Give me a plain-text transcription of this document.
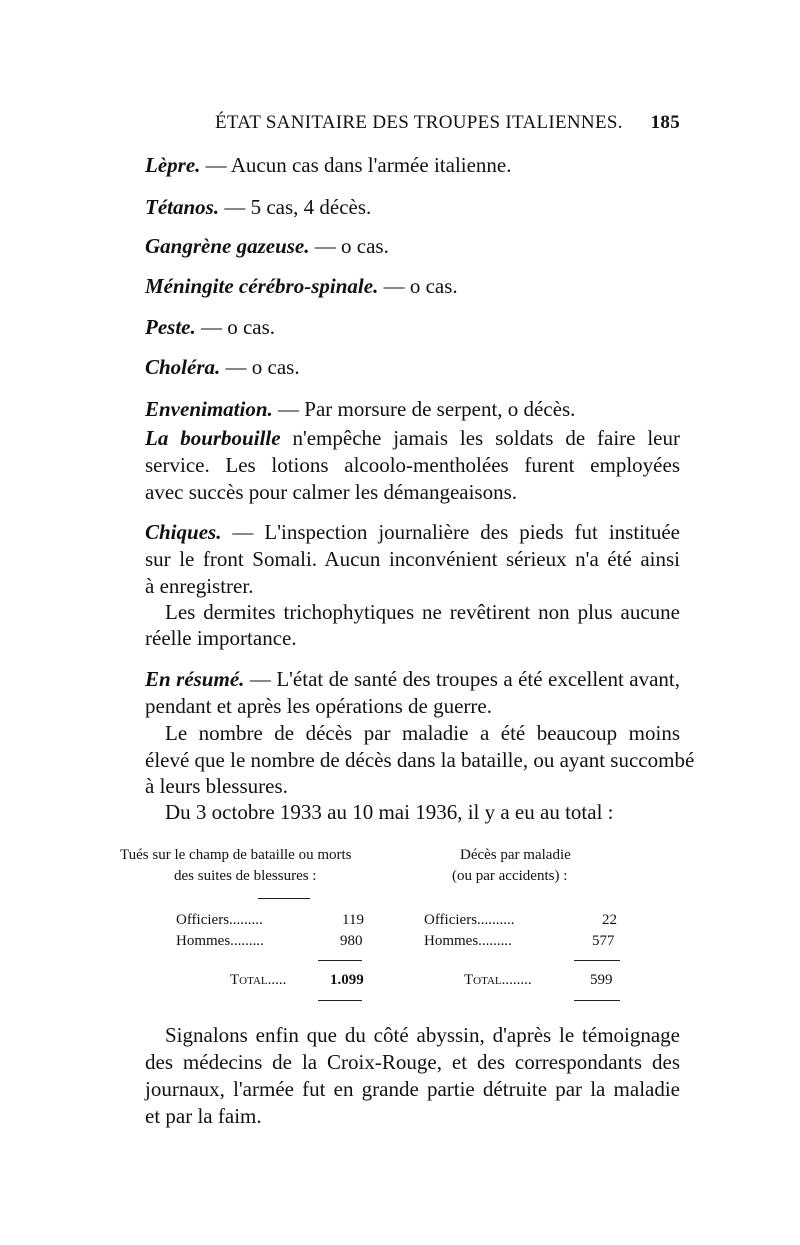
ÉTAT SANITAIRE DES TROUPES ITALIENNES. 185
Lèpre. — Aucun cas dans l'armée italienne.
Tétanos. — 5 cas, 4 décès.
Gangrène gazeuse. — o cas.
Méningite cérébro-spinale. — o cas.
Peste. — o cas.
Choléra. — o cas.
Envenimation. — Par morsure de serpent, o décès.
La bourbouille n'empêche jamais les soldats de faire leur
service. Les lotions alcoolo-mentholées furent employées
avec succès pour calmer les démangeaisons.
Chiques. — L'inspection journalière des pieds fut instituée
sur le front Somali. Aucun inconvénient sérieux n'a été ainsi
à enregistrer.
Les dermites trichophytiques ne revêtirent non plus aucune
réelle importance.
En résumé. — L'état de santé des troupes a été excellent avant,
pendant et après les opérations de guerre.
Le nombre de décès par maladie a été beaucoup moins
élevé que le nombre de décès dans la bataille, ou ayant succombé
à leurs blessures.
Du 3 octobre 1933 au 10 mai 1936, il y a eu au total :
Tués sur le champ de bataille ou morts
des suites de blessures :
Officiers.........	119
Hommes.........	980
Total.....	1.099
Décès par maladie
(ou par accidents) :
Officiers..........	22
Hommes.........	577
Total........	599
Signalons enfin que du côté abyssin, d'après le témoignage
des médecins de la Croix-Rouge, et des correspondants des
journaux, l'armée fut en grande partie détruite par la maladie
et par la faim.
